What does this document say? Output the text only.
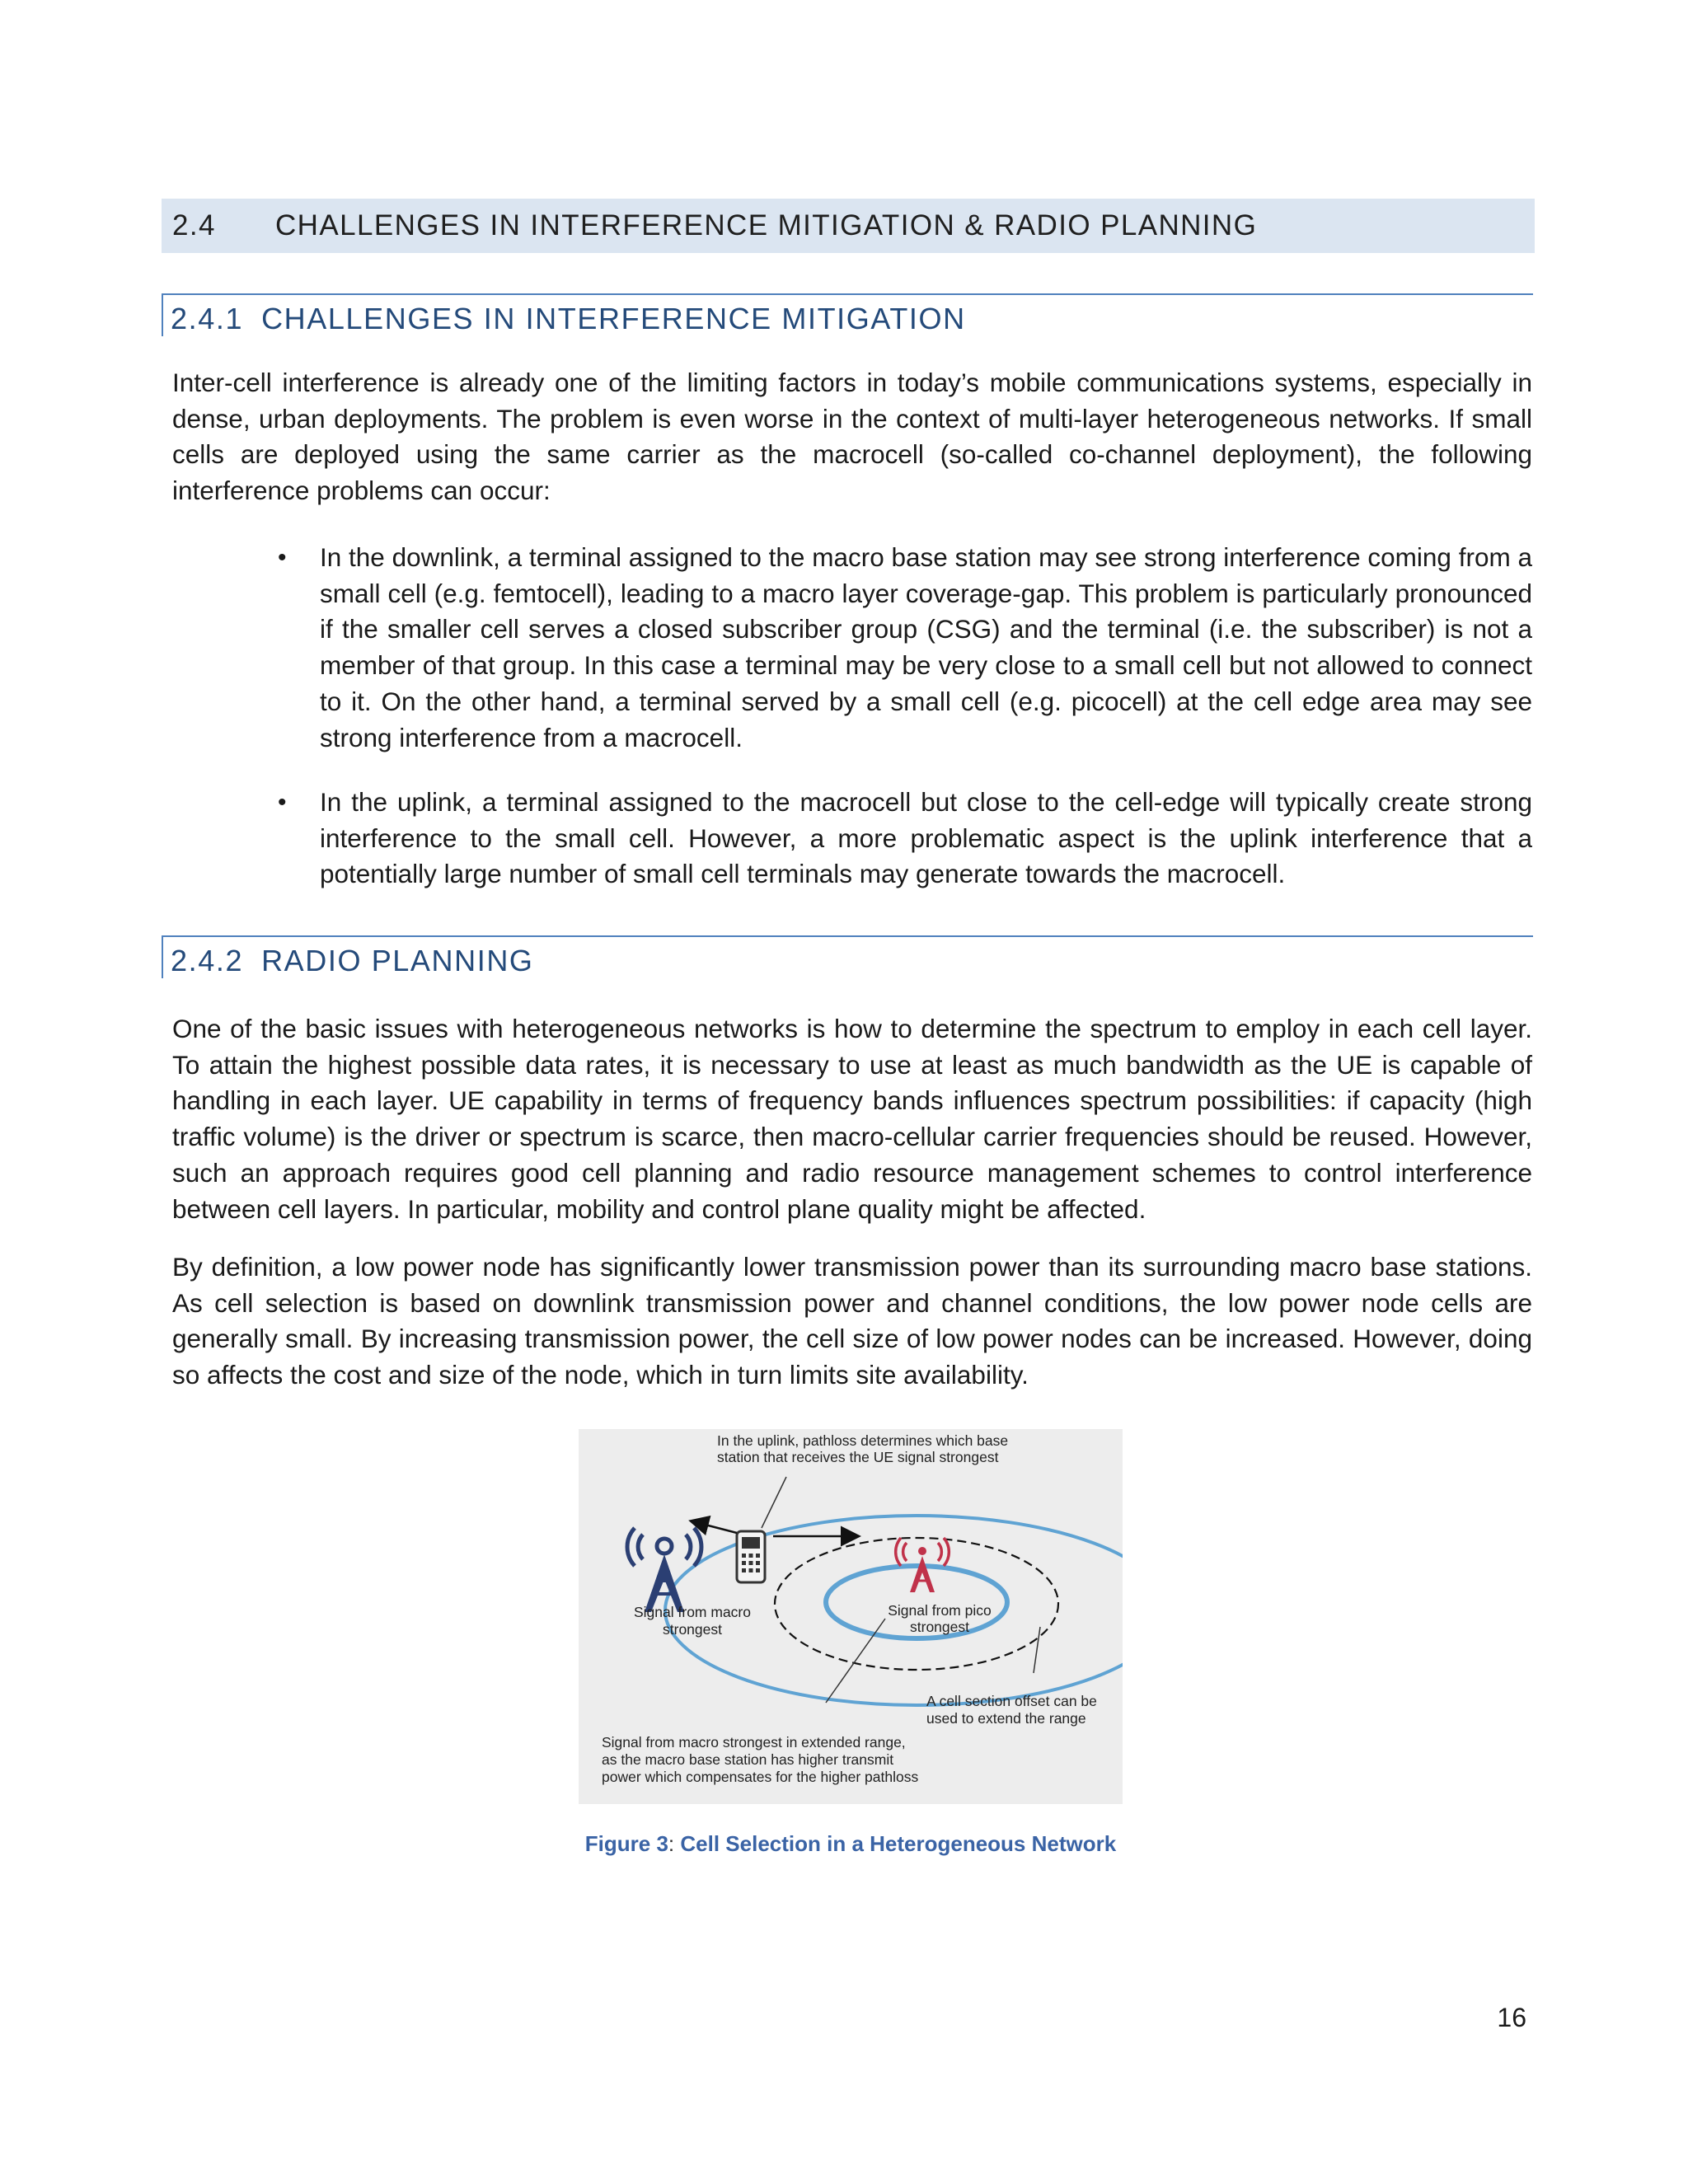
2.4	CHALLENGES IN INTERFERENCE MITIGATION & RADIO PLANNING
2.4.1 CHALLENGES IN INTERFERENCE MITIGATION

Inter-cell interference is already one of the limiting factors in today’s mobile communications systems, especially in dense, urban deployments. The problem is even worse in the context of multi-layer heterogeneous networks. If small cells are deployed using the same carrier as the macrocell (so-called co-channel deployment), the following interference problems can occur:

• In the downlink, a terminal assigned to the macro base station may see strong interference coming from a small cell (e.g. femtocell), leading to a macro layer coverage-gap. This problem is particularly pronounced if the smaller cell serves a closed subscriber group (CSG) and the terminal (i.e. the subscriber) is not a member of that group. In this case a terminal may be very close to a small cell but not allowed to connect to it. On the other hand, a terminal served by a small cell (e.g. picocell) at the cell edge area may see strong interference from a macrocell.
• In the uplink, a terminal assigned to the macrocell but close to the cell-edge will typically create strong interference to the small cell. However, a more problematic aspect is the uplink interference that a potentially large number of small cell terminals may generate towards the macrocell.
2.4.2 RADIO PLANNING

One of the basic issues with heterogeneous networks is how to determine the spectrum to employ in each cell layer. To attain the highest possible data rates, it is necessary to use at least as much bandwidth as the UE is capable of handling in each layer. UE capability in terms of frequency bands influences spectrum possibilities: if capacity (high traffic volume) is the driver or spectrum is scarce, then macro-cellular carrier frequencies should be reused. However, such an approach requires good cell planning and radio resource management schemes to control interference between cell layers. In particular, mobility and control plane quality might be affected.

By definition, a low power node has significantly lower transmission power than its surrounding macro base stations. As cell selection is based on downlink transmission power and channel conditions, the low power node cells are generally small. By increasing transmission power, the cell size of low power nodes can be increased. However, doing so affects the cost and size of the node, which in turn limits site availability.

In the uplink, pathloss determines which base
station that receives the UE signal strongest
Signal from macro
strongest
Signal from pico
strongest
A cell section offset can be
used to extend the range
Signal from macro strongest in extended range,
as the macro base station has higher transmit
power which compensates for the higher pathloss
Figure 3: Cell Selection in a Heterogeneous Network
16
